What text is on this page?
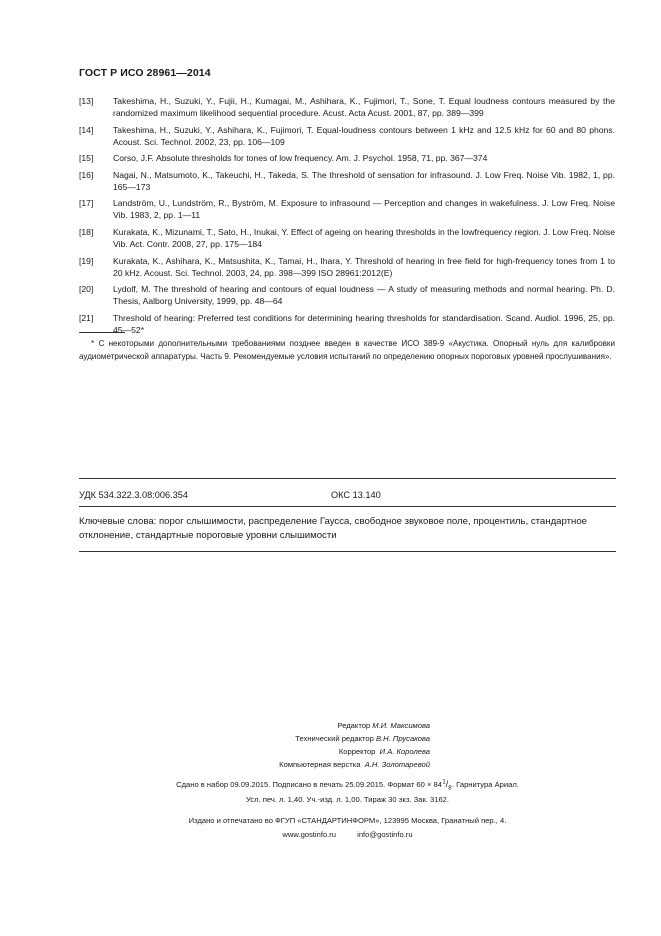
ГОСТ Р ИСО 28961—2014
[13]	Takeshima, H., Suzuki, Y., Fujii, H., Kumagai, M., Ashihara, K., Fujimori, T., Sone, T. Equal loudness contours measured by the randomized maximum likelihood sequential procedure. Acust. Acta Acust. 2001, 87, pp. 389—399
[14]	Takeshima, H., Suzuki, Y., Ashihara, K., Fujimori, T. Equal-loudness contours between 1 kHz and 12.5 kHz for 60 and 80 phons. Acoust. Sci. Technol. 2002, 23, pp. 106—109
[15]	Corso, J.F. Absolute thresholds for tones of low frequency. Am. J. Psychol. 1958, 71, pp. 367—374
[16]	Nagai, N., Matsumoto, K., Takeuchi, H., Takeda, S. The threshold of sensation for infrasound. J. Low Freq. Noise Vib. 1982, 1, pp. 165—173
[17]	Landström, U., Lundström, R., Byström, M. Exposure to infrasound — Perception and changes in wakefulness. J. Low Freq. Noise Vib. 1983, 2, pp. 1—11
[18]	Kurakata, K., Mizunami, T., Sato, H., Inukai, Y. Effect of ageing on hearing thresholds in the lowfrequency region. J. Low Freq. Noise Vib. Act. Contr. 2008, 27, pp. 175—184
[19]	Kurakata, K., Ashihara, K., Matsushita, K., Tamai, H., Ihara, Y. Threshold of hearing in free field for high-frequency tones from 1 to 20 kHz. Acoust. Sci. Technol. 2003, 24, pp. 398—399 ISO 28961:2012(E)
[20]	Lydolf, M. The threshold of hearing and contours of equal loudness — A study of measuring methods and normal hearing. Ph. D. Thesis, Aalborg University, 1999, pp. 48—64
[21]	Threshold of hearing: Preferred test conditions for determining hearing thresholds for standardisation. Scand. Audiol. 1996, 25, pp. 45—52*
* С некоторыми дополнительными требованиями позднее введен в качестве ИСО 389-9 «Акустика. Опорный нуль для калибровки аудиометрической аппаратуры. Часть 9. Рекомендуемые условия испытаний по определению опорных пороговых уровней прослушивания».
УДК 534.322.3.08:006.354	ОКС 13.140
Ключевые слова: порог слышимости, распределение Гаусса, свободное звуковое поле, процентиль, стандартное отклонение, стандартные пороговые уровни слышимости
Редактор М.И. Максимова
Технический редактор В.Н. Прусакова
Корректор И.А. Королева
Компьютерная верстка А.Н. Золотаревой
Сдано в набор 09.09.2015. Подписано в печать 25.09.2015. Формат $60 \times 84^1/_8$. Гарнитура Ариал.
Усл. печ. л. 1,40. Уч.-изд. л. 1,00. Тираж 30 экз. Зак. 3162.
Издано и отпечатано во ФГУП «СТАНДАРТИНФОРМ», 123995 Москва, Гранатный пер., 4.
www.gostinfo.ru	info@gostinfo.ru
